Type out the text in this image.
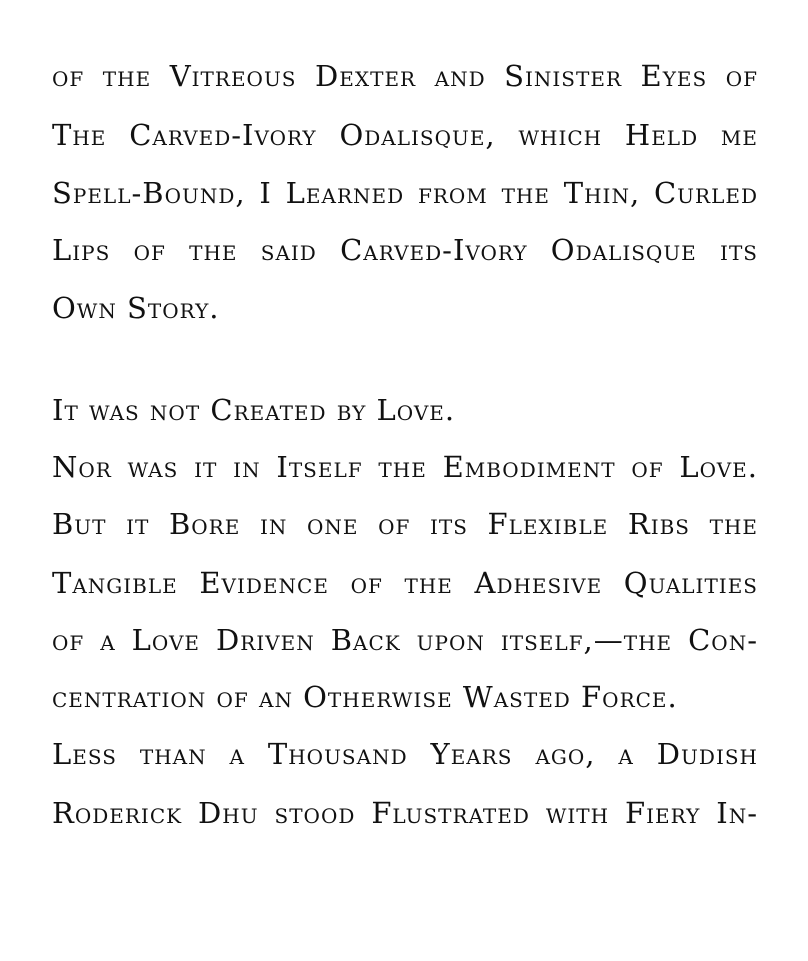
of the Vitreous Dexter and Sinister Eyes of
The Carved-Ivory Odalisque, which Held me
Spell-Bound, I Learned from the Thin, Curled
Lips of the said Carved-Ivory Odalisque its
Own Story.
It was not Created by Love.
Nor was it in Itself the Embodiment of Love.
But it Bore in one of its Flexible Ribs the
Tangible Evidence of the Adhesive Qualities
of a Love Driven Back upon itself,—the Con-
centration of an Otherwise Wasted Force.
Less than a Thousand Years ago, a Dudish
Roderick Dhu stood Flustrated with Fiery In-
